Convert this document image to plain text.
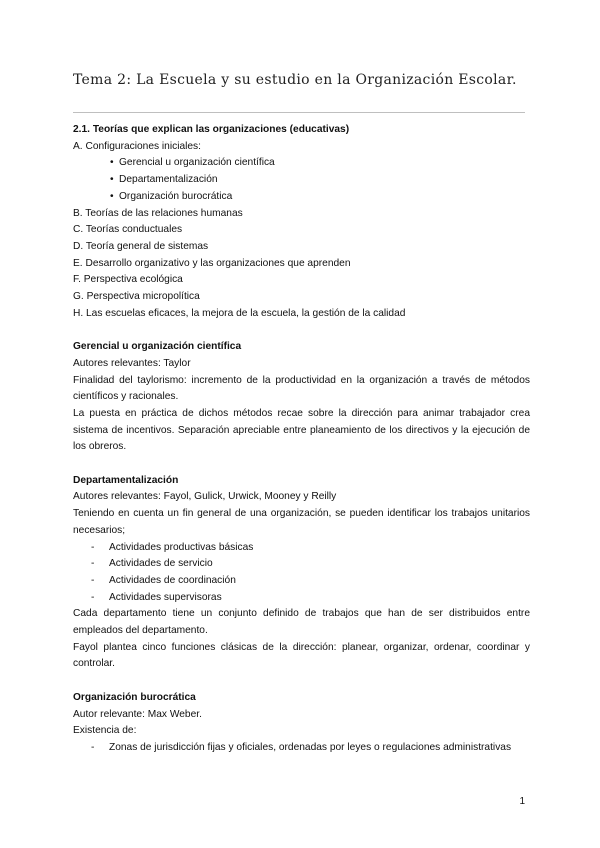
Tema 2: La Escuela y su estudio en la Organización Escolar.

2.1. Teorías que explican las organizaciones (educativas)

A. Configuraciones iniciales:

• Gerencial u organización científica
• Departamentalización
• Organización burocrática

B. Teorías de las relaciones humanas

C. Teorías conductuales

D. Teoría general de sistemas

E. Desarrollo organizativo y las organizaciones que aprenden

F. Perspectiva ecológica

G. Perspectiva micropolítica

H. Las escuelas eficaces, la mejora de la escuela, la gestión de la calidad

Gerencial u organización científica

Autores relevantes: Taylor

Finalidad del taylorismo: incremento de la productividad en la organización a través de métodos científicos y racionales.

La puesta en práctica de dichos métodos recae sobre la dirección para animar trabajador crea sistema de incentivos. Separación apreciable entre planeamiento de los directivos y la ejecución de los obreros.

Departamentalización

Autores relevantes: Fayol, Gulick, Urwick, Mooney y Reilly

Teniendo en cuenta un fin general de una organización, se pueden identificar los trabajos unitarios necesarios;

- Actividades productivas básicas
- Actividades de servicio
- Actividades de coordinación
- Actividades supervisoras

Cada departamento tiene un conjunto definido de trabajos que han de ser distribuidos entre empleados del departamento.

Fayol plantea cinco funciones clásicas de la dirección: planear, organizar, ordenar, coordinar y controlar.

Organización burocrática

Autor relevante: Max Weber.

Existencia de:

- Zonas de jurisdicción fijas y oficiales, ordenadas por leyes o regulaciones administrativas
1
